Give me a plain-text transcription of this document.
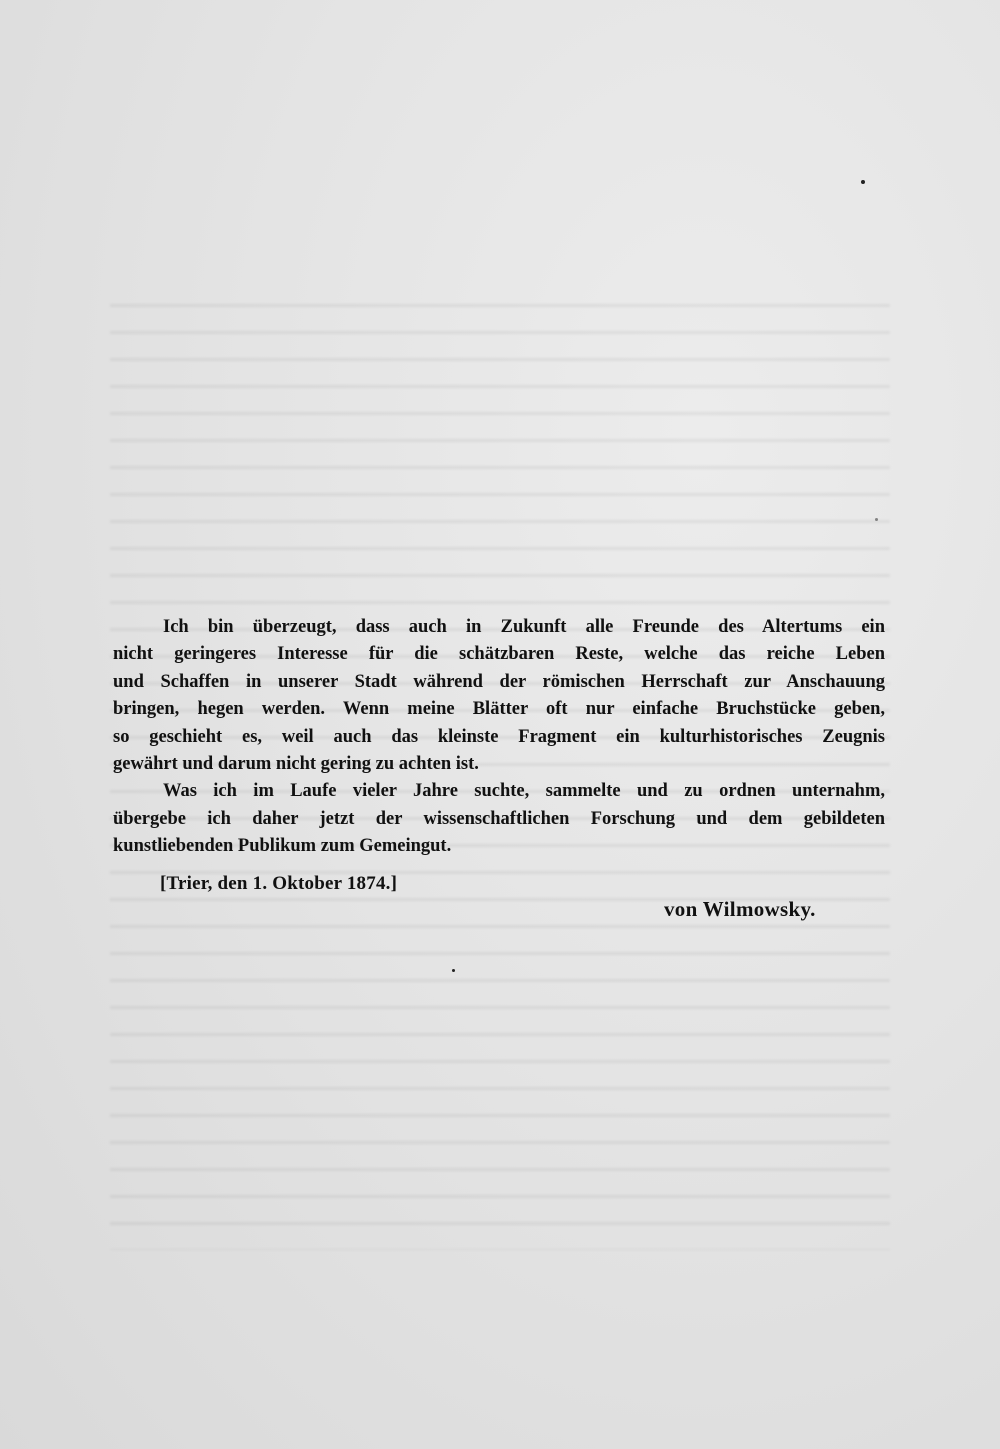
Ich bin überzeugt, dass auch in Zukunft alle Freunde des Altertums ein
nicht geringeres Interesse für die schätzbaren Reste, welche das reiche Leben
und Schaffen in unserer Stadt während der römischen Herrschaft zur Anschauung
bringen, hegen werden. Wenn meine Blätter oft nur einfache Bruchstücke geben,
so geschieht es, weil auch das kleinste Fragment ein kulturhistorisches Zeugnis
gewährt und darum nicht gering zu achten ist.
Was ich im Laufe vieler Jahre suchte, sammelte und zu ordnen unternahm,
übergebe ich daher jetzt der wissenschaftlichen Forschung und dem gebildeten
kunstliebenden Publikum zum Gemeingut.
[Trier, den 1. Oktober 1874.]
von Wilmowsky.
